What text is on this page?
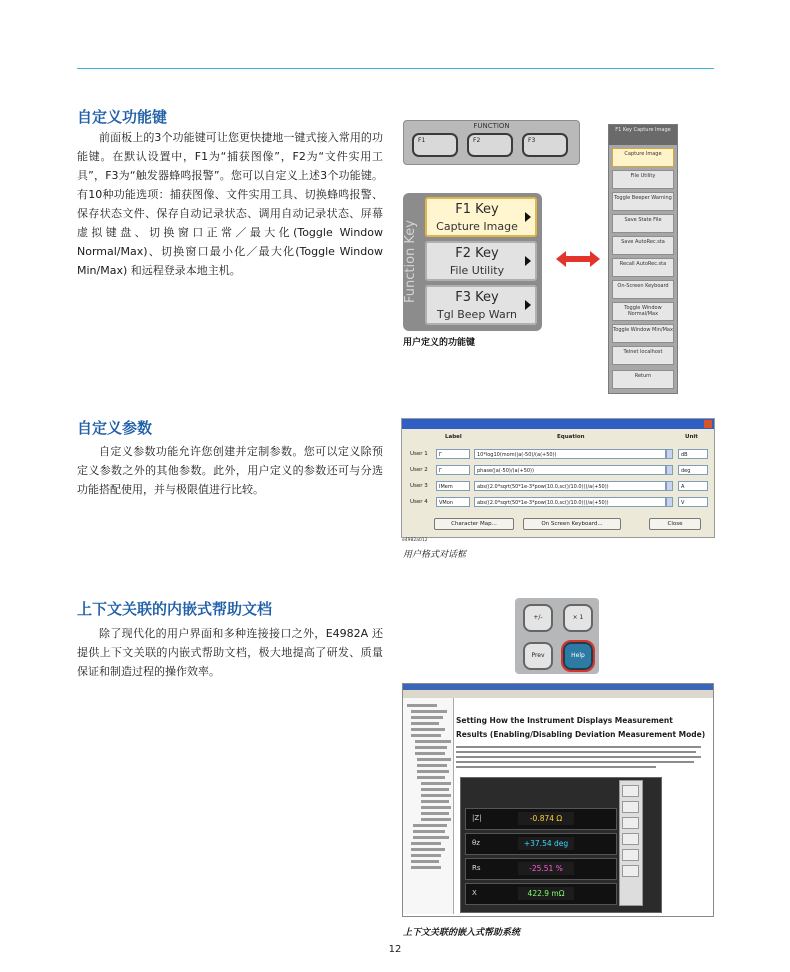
自定义功能键

前面板上的3个功能键可让您更快捷地一键式接入常用的功能键。在默认设置中，F1为“捕获图像”，F2为“文件实用工具”，F3为“触发器蜂鸣报警”。您可以自定义上述3个功能键。有10种功能选项：捕获图像、文件实用工具、切换蜂鸣报警、保存状态文件、保存自动记录状态、调用自动记录状态、屏幕虚拟键盘、切换窗口正常／最大化(Toggle Window Normal/Max)、切换窗口最小化／最大化(Toggle Window Min/Max) 和远程登录本地主机。

FUNCTION
F1	F2	F3
Function Key
F1 Key
Capture Image
F2 Key
File Utility
F3 Key
Tgl Beep Warn
F1 Key Capture Image
Capture Image
File Utility
Toggle Beeper Warning
Save State File
Save AutoRec.sta
Recall AutoRec.sta
On-Screen Keyboard
Toggle Window Normal/Max
Toggle Window Min/Max
Telnet localhost
Return
用户定义的功能键
自定义参数

自定义参数功能允许您创建并定制参数。您可以定义除预定义参数之外的其他参数。此外，用户定义的参数还可与分选功能搭配使用，并与极限值进行比较。

Label	Equation	Unit
User 1	Γ	10*log10(mom(|a(-50)/(a(+50))	dB
User 2	Γ	phase(|a(-50)/(a(+50))	deg
User 3	IMem	abs((2.0*sqrt(50*1e-3*pow(10.0,sc()/10.0)))/a(+50))	A
User 4	VMon	abs((2.0*sqrt(50*1e-3*pow(10.0,sc()/10.0)))/a(+50))	V
Character Map...	On Screen Keyboard...	Close
e4982a012
用户格式对话框
上下文关联的内嵌式帮助文档

除了现代化的用户界面和多种连接接口之外，E4982A 还提供上下文关联的内嵌式帮助文档，极大地提高了研发、质量保证和制造过程的操作效率。

+/-	× 1
Prev	Help
Setting How the Instrument Displays Measurement Results (Enabling/Disabling Deviation Measurement Mode)
|Z|	-0.874 Ω
θz	+37.54 deg
Rs	-25.51 %
X	422.9 mΩ
上下文关联的嵌入式帮助系统
12
